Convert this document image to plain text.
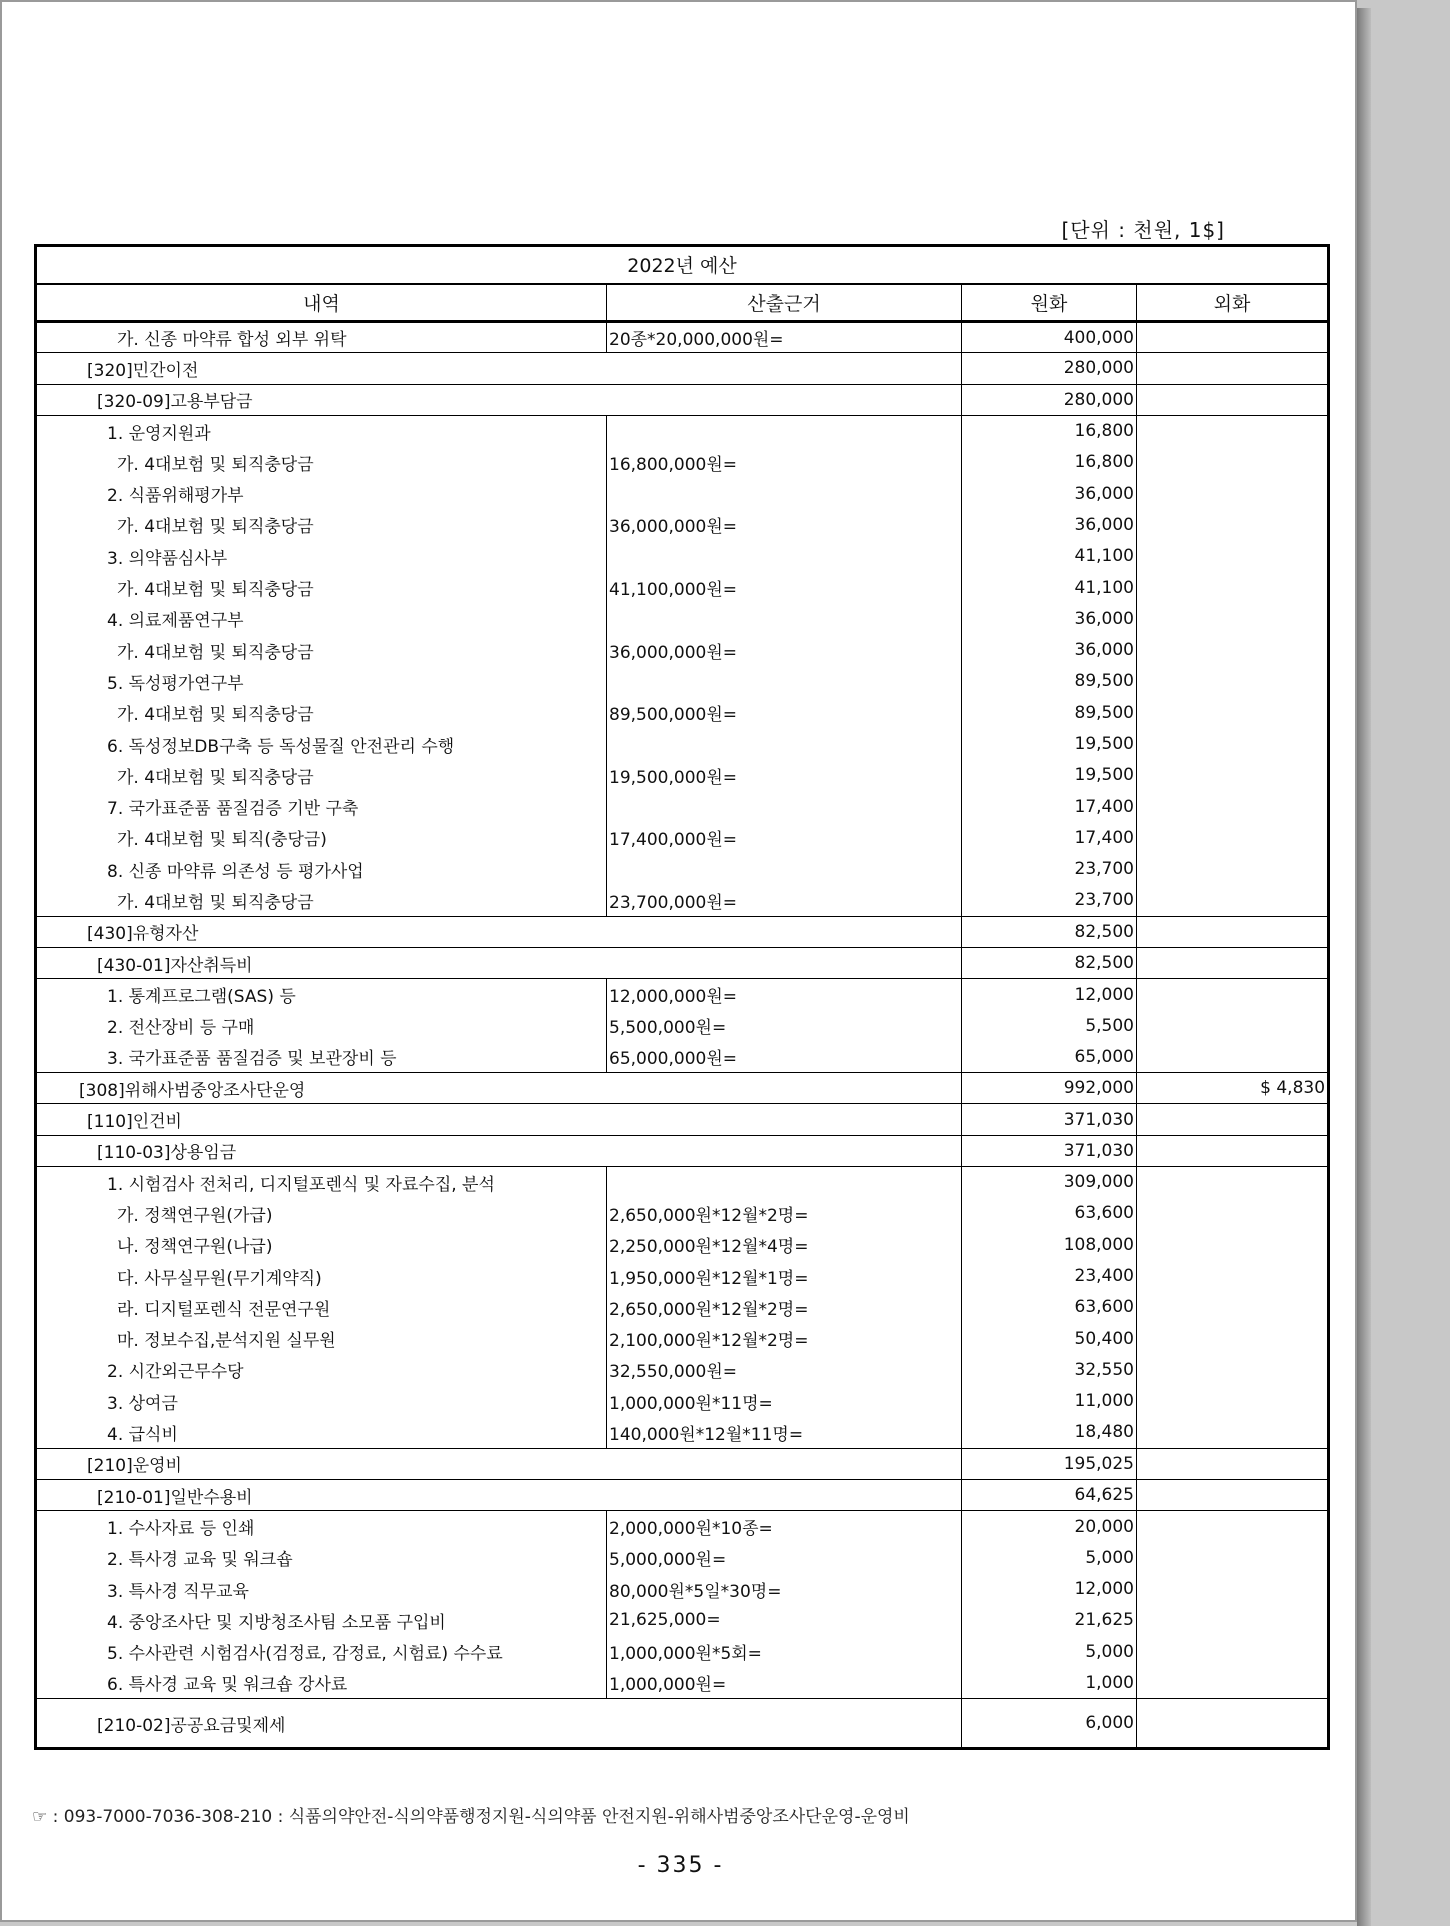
[단위 : 천원, 1$]
2022년 예산			
내역	산출근거	원화	외화
가. 신종 마약류 합성 외부 위탁	20종*20,000,000원=	400,000	
[320]민간이전		280,000	
[320-09]고용부담금		280,000	
1. 운영지원과		16,800	
가. 4대보험 및 퇴직충당금	16,800,000원=	16,800	
2. 식품위해평가부		36,000	
가. 4대보험 및 퇴직충당금	36,000,000원=	36,000	
3. 의약품심사부		41,100	
가. 4대보험 및 퇴직충당금	41,100,000원=	41,100	
4. 의료제품연구부		36,000	
가. 4대보험 및 퇴직충당금	36,000,000원=	36,000	
5. 독성평가연구부		89,500	
가. 4대보험 및 퇴직충당금	89,500,000원=	89,500	
6. 독성정보DB구축 등 독성물질 안전관리 수행		19,500	
가. 4대보험 및 퇴직충당금	19,500,000원=	19,500	
7. 국가표준품 품질검증 기반 구축		17,400	
가. 4대보험 및 퇴직(충당금)	17,400,000원=	17,400	
8. 신종 마약류 의존성 등 평가사업		23,700	
가. 4대보험 및 퇴직충당금	23,700,000원=	23,700	
[430]유형자산		82,500	
[430-01]자산취득비		82,500	
1. 통계프로그램(SAS) 등	12,000,000원=	12,000	
2. 전산장비 등 구매	5,500,000원=	5,500	
3. 국가표준품 품질검증 및 보관장비 등	65,000,000원=	65,000	
[308]위해사범중앙조사단운영		992,000	$ 4,830
[110]인건비		371,030	
[110-03]상용임금		371,030	
1. 시험검사 전처리, 디지털포렌식 및 자료수집, 분석		309,000	
가. 정책연구원(가급)	2,650,000원*12월*2명=	63,600	
나. 정책연구원(나급)	2,250,000원*12월*4명=	108,000	
다. 사무실무원(무기계약직)	1,950,000원*12월*1명=	23,400	
라. 디지털포렌식 전문연구원	2,650,000원*12월*2명=	63,600	
마. 정보수집,분석지원 실무원	2,100,000원*12월*2명=	50,400	
2. 시간외근무수당	32,550,000원=	32,550	
3. 상여금	1,000,000원*11명=	11,000	
4. 급식비	140,000원*12월*11명=	18,480	
[210]운영비		195,025	
[210-01]일반수용비		64,625	
1. 수사자료 등 인쇄	2,000,000원*10종=	20,000	
2. 특사경 교육 및 워크숍	5,000,000원=	5,000	
3. 특사경 직무교육	80,000원*5일*30명=	12,000	
4. 중앙조사단 및 지방청조사팀 소모품 구입비	21,625,000=	21,625	
5. 수사관련 시험검사(검정료, 감정료, 시험료) 수수료	1,000,000원*5회=	5,000	
6. 특사경 교육 및 워크숍 강사료	1,000,000원=	1,000	
[210-02]공공요금및제세		6,000	
☞ : 093-7000-7036-308-210 : 식품의약안전-식의약품행정지원-식의약품 안전지원-위해사범중앙조사단운영-운영비
- 335 -
